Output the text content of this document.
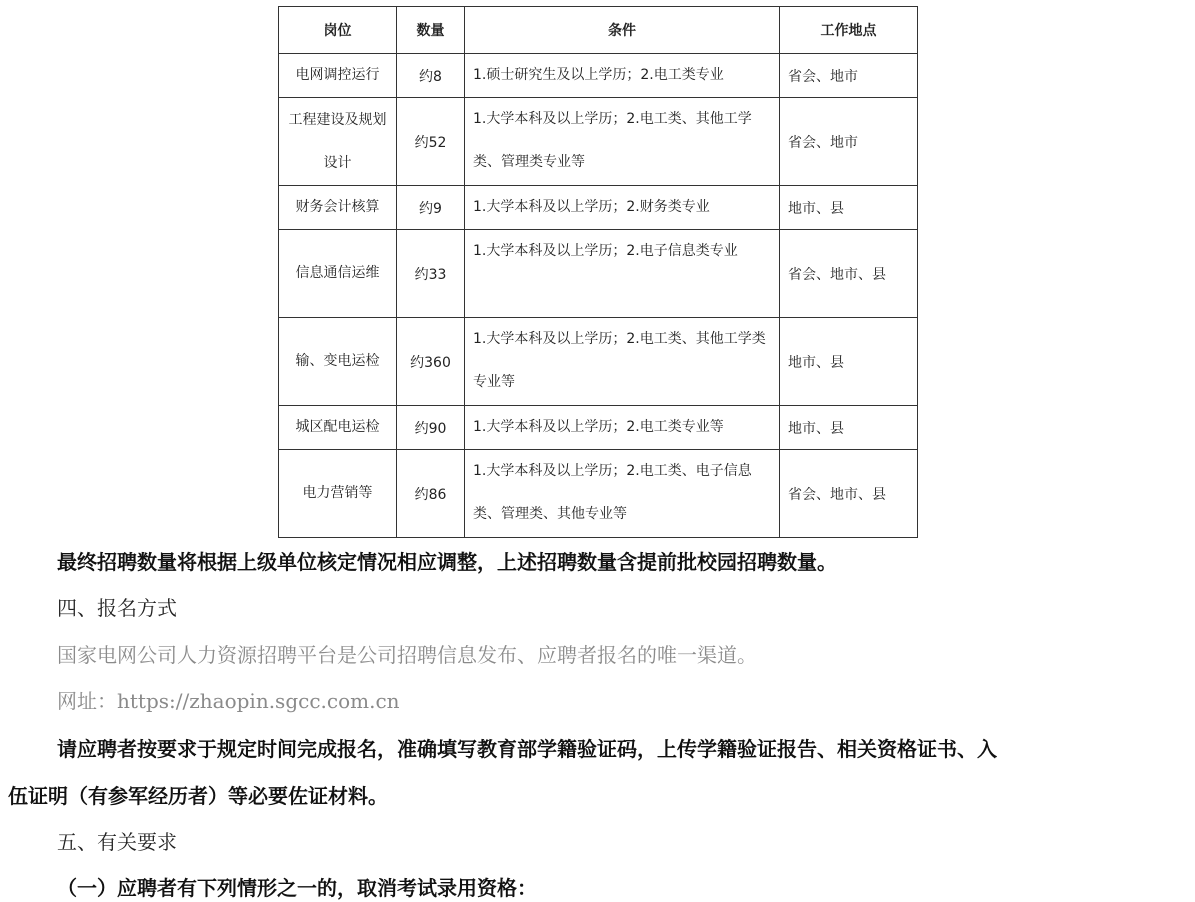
岗位	数量	条件	工作地点
电网调控运行	约8	1.硕士研究生及以上学历；2.电工类专业	省会、地市
工程建设及规划设计	约52	1.大学本科及以上学历；2.电工类、其他工学类、管理类专业等	省会、地市
财务会计核算	约9	1.大学本科及以上学历；2.财务类专业	地市、县
信息通信运维	约33	1.大学本科及以上学历；2.电子信息类专业	省会、地市、县
输、变电运检	约360	1.大学本科及以上学历；2.电工类、其他工学类专业等	地市、县
城区配电运检	约90	1.大学本科及以上学历；2.电工类专业等	地市、县
电力营销等	约86	1.大学本科及以上学历；2.电工类、电子信息类、管理类、其他专业等	省会、地市、县

最终招聘数量将根据上级单位核定情况相应调整，上述招聘数量含提前批校园招聘数量。

四、报名方式

国家电网公司人力资源招聘平台是公司招聘信息发布、应聘者报名的唯一渠道。

网址：https://zhaopin.sgcc.com.cn

请应聘者按要求于规定时间完成报名，准确填写教育部学籍验证码，上传学籍验证报告、相关资格证书、入

伍证明（有参军经历者）等必要佐证材料。

五、有关要求

（一）应聘者有下列情形之一的，取消考试录用资格：
